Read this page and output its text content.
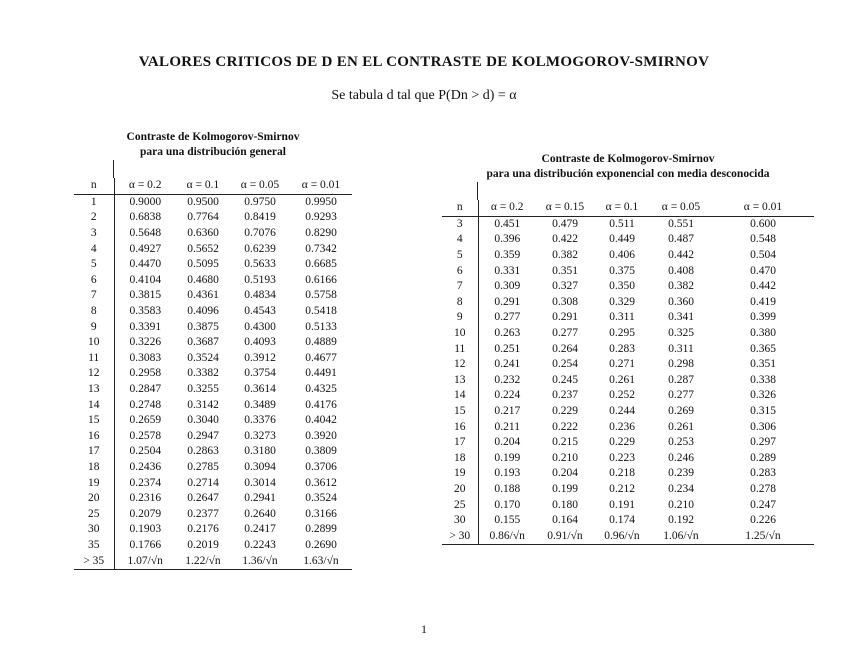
VALORES CRITICOS DE D EN EL CONTRASTE DE KOLMOGOROV-SMIRNOV
Se tabula d tal que P(Dn > d) = α
Contraste de Kolmogorov-Smirnov
para una distribución general
n	α = 0.2	α = 0.1	α = 0.05	α = 0.01
1	0.9000	0.9500	0.9750	0.9950
2	0.6838	0.7764	0.8419	0.9293
3	0.5648	0.6360	0.7076	0.8290
4	0.4927	0.5652	0.6239	0.7342
5	0.4470	0.5095	0.5633	0.6685
6	0.4104	0.4680	0.5193	0.6166
7	0.3815	0.4361	0.4834	0.5758
8	0.3583	0.4096	0.4543	0.5418
9	0.3391	0.3875	0.4300	0.5133
10	0.3226	0.3687	0.4093	0.4889
11	0.3083	0.3524	0.3912	0.4677
12	0.2958	0.3382	0.3754	0.4491
13	0.2847	0.3255	0.3614	0.4325
14	0.2748	0.3142	0.3489	0.4176
15	0.2659	0.3040	0.3376	0.4042
16	0.2578	0.2947	0.3273	0.3920
17	0.2504	0.2863	0.3180	0.3809
18	0.2436	0.2785	0.3094	0.3706
19	0.2374	0.2714	0.3014	0.3612
20	0.2316	0.2647	0.2941	0.3524
25	0.2079	0.2377	0.2640	0.3166
30	0.1903	0.2176	0.2417	0.2899
35	0.1766	0.2019	0.2243	0.2690
> 35	1.07/√n	1.22/√n	1.36/√n	1.63/√n
Contraste de Kolmogorov-Smirnov
para una distribución exponencial con media desconocida
n	α = 0.2	α = 0.15	α = 0.1	α = 0.05	α = 0.01
3	0.451	0.479	0.511	0.551	0.600
4	0.396	0.422	0.449	0.487	0.548
5	0.359	0.382	0.406	0.442	0.504
6	0.331	0.351	0.375	0.408	0.470
7	0.309	0.327	0.350	0.382	0.442
8	0.291	0.308	0.329	0.360	0.419
9	0.277	0.291	0.311	0.341	0.399
10	0.263	0.277	0.295	0.325	0.380
11	0.251	0.264	0.283	0.311	0.365
12	0.241	0.254	0.271	0.298	0.351
13	0.232	0.245	0.261	0.287	0.338
14	0.224	0.237	0.252	0.277	0.326
15	0.217	0.229	0.244	0.269	0.315
16	0.211	0.222	0.236	0.261	0.306
17	0.204	0.215	0.229	0.253	0.297
18	0.199	0.210	0.223	0.246	0.289
19	0.193	0.204	0.218	0.239	0.283
20	0.188	0.199	0.212	0.234	0.278
25	0.170	0.180	0.191	0.210	0.247
30	0.155	0.164	0.174	0.192	0.226
> 30	0.86/√n	0.91/√n	0.96/√n	1.06/√n	1.25/√n
1
